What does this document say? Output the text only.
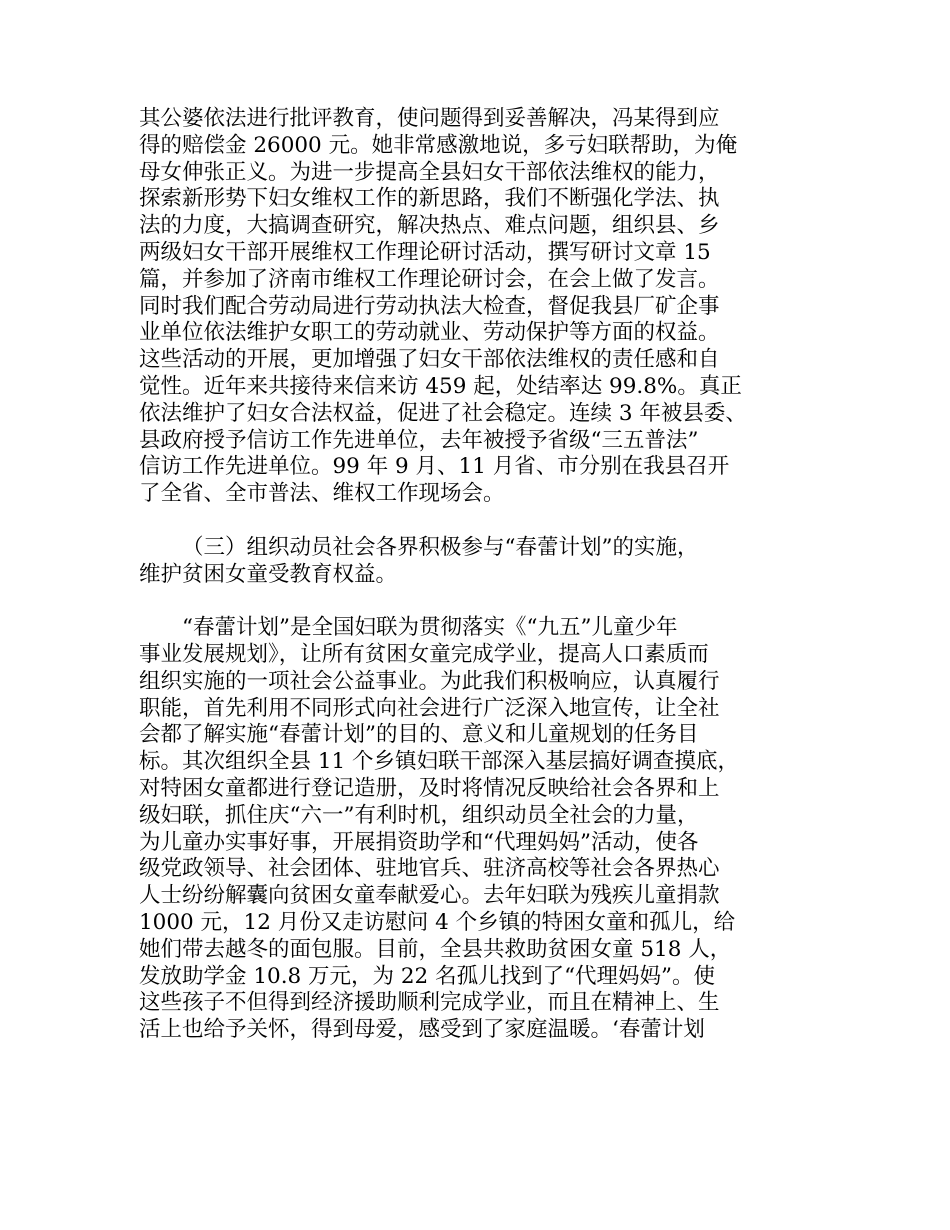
其公婆依法进行批评教育，使问题得到妥善解决，冯某得到应
得的赔偿金 26000 元。她非常感激地说，多亏妇联帮助，为俺
母女伸张正义。为进一步提高全县妇女干部依法维权的能力，
探索新形势下妇女维权工作的新思路，我们不断强化学法、执
法的力度，大搞调查研究，解决热点、难点问题，组织县、乡
两级妇女干部开展维权工作理论研讨活动，撰写研讨文章 15
篇，并参加了济南市维权工作理论研讨会，在会上做了发言。
同时我们配合劳动局进行劳动执法大检查，督促我县厂矿企事
业单位依法维护女职工的劳动就业、劳动保护等方面的权益。
这些活动的开展，更加增强了妇女干部依法维权的责任感和自
觉性。近年来共接待来信来访 459 起，处结率达 99.8%。真正
依法维护了妇女合法权益，促进了社会稳定。连续 3 年被县委、
县政府授予信访工作先进单位，去年被授予省级“三五普法”
信访工作先进单位。99 年 9 月、11 月省、市分别在我县召开
了全省、全市普法、维权工作现场会。
（三）组织动员社会各界积极参与“春蕾计划”的实施，
维护贫困女童受教育权益。
“春蕾计划”是全国妇联为贯彻落实《“九五”儿童少年
事业发展规划》，让所有贫困女童完成学业，提高人口素质而
组织实施的一项社会公益事业。为此我们积极响应，认真履行
职能，首先利用不同形式向社会进行广泛深入地宣传，让全社
会都了解实施“春蕾计划”的目的、意义和儿童规划的任务目
标。其次组织全县 11 个乡镇妇联干部深入基层搞好调查摸底，
对特困女童都进行登记造册，及时将情况反映给社会各界和上
级妇联，抓住庆“六一”有利时机，组织动员全社会的力量，
为儿童办实事好事，开展捐资助学和“代理妈妈”活动，使各
级党政领导、社会团体、驻地官兵、驻济高校等社会各界热心
人士纷纷解囊向贫困女童奉献爱心。去年妇联为残疾儿童捐款
1000 元，12 月份又走访慰问 4 个乡镇的特困女童和孤儿，给
她们带去越冬的面包服。目前，全县共救助贫困女童 518 人，
发放助学金 10.8 万元，为 22 名孤儿找到了“代理妈妈”。使
这些孩子不但得到经济援助顺利完成学业，而且在精神上、生
活上也给予关怀，得到母爱，感受到了家庭温暖。‘春蕾计划
